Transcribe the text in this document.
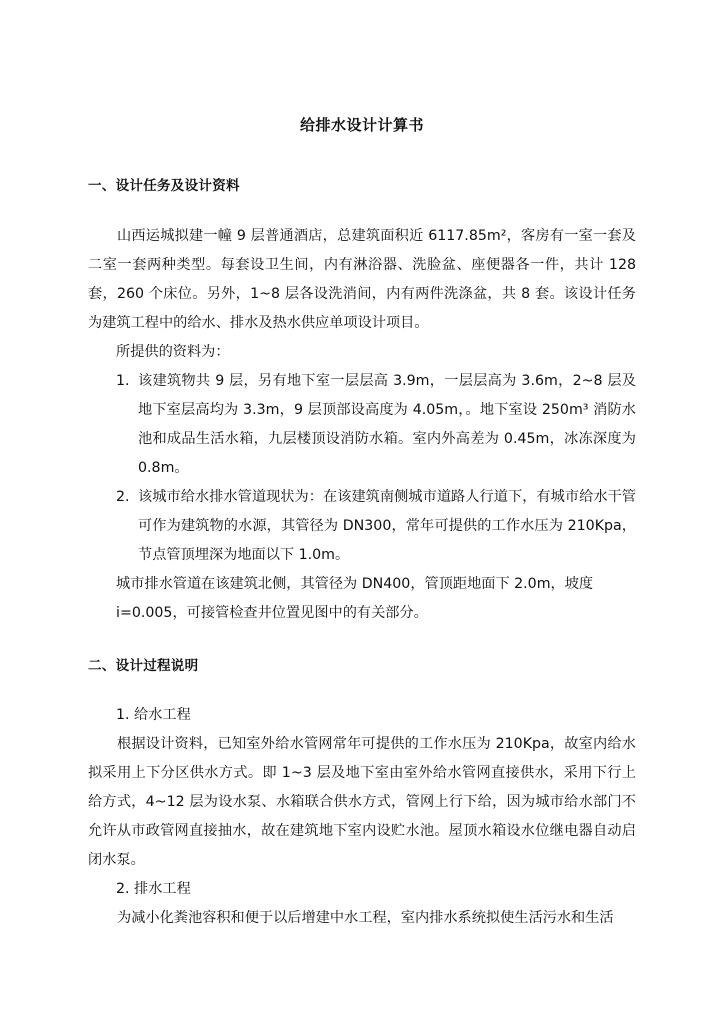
给排水设计计算书
一、设计任务及设计资料
山西运城拟建一幢 9 层普通酒店，总建筑面积近 6117.85m²，客房有一室一套及二室一套两种类型。每套设卫生间，内有淋浴器、洗脸盆、座便器各一件，共计 128 套，260 个床位。另外，1~8 层各设洗消间，内有两件洗涤盆，共 8 套。该设计任务为建筑工程中的给水、排水及热水供应单项设计项目。
所提供的资料为：
1. 该建筑物共 9 层，另有地下室一层层高 3.9m，一层层高为 3.6m，2~8 层及地下室层高均为 3.3m，9 层顶部设高度为 4.05m，。地下室设 250m³ 消防水池和成品生活水箱，九层楼顶设消防水箱。室内外高差为 0.45m，冰冻深度为 0.8m。
2. 该城市给水排水管道现状为：在该建筑南侧城市道路人行道下，有城市给水干管可作为建筑物的水源，其管径为 DN300，常年可提供的工作水压为 210Kpa，节点管顶埋深为地面以下 1.0m。
城市排水管道在该建筑北侧，其管径为 DN400，管顶距地面下 2.0m，坡度
i=0.005，可接管检查井位置见图中的有关部分。
二、设计过程说明
1. 给水工程
根据设计资料，已知室外给水管网常年可提供的工作水压为 210Kpa，故室内给水拟采用上下分区供水方式。即 1~3 层及地下室由室外给水管网直接供水，采用下行上给方式，4~12 层为设水泵、水箱联合供水方式，管网上行下给，因为城市给水部门不允许从市政管网直接抽水，故在建筑地下室内设贮水池。屋顶水箱设水位继电器自动启闭水泵。
2. 排水工程
为减小化粪池容积和便于以后增建中水工程，室内排水系统拟使生活污水和生活
